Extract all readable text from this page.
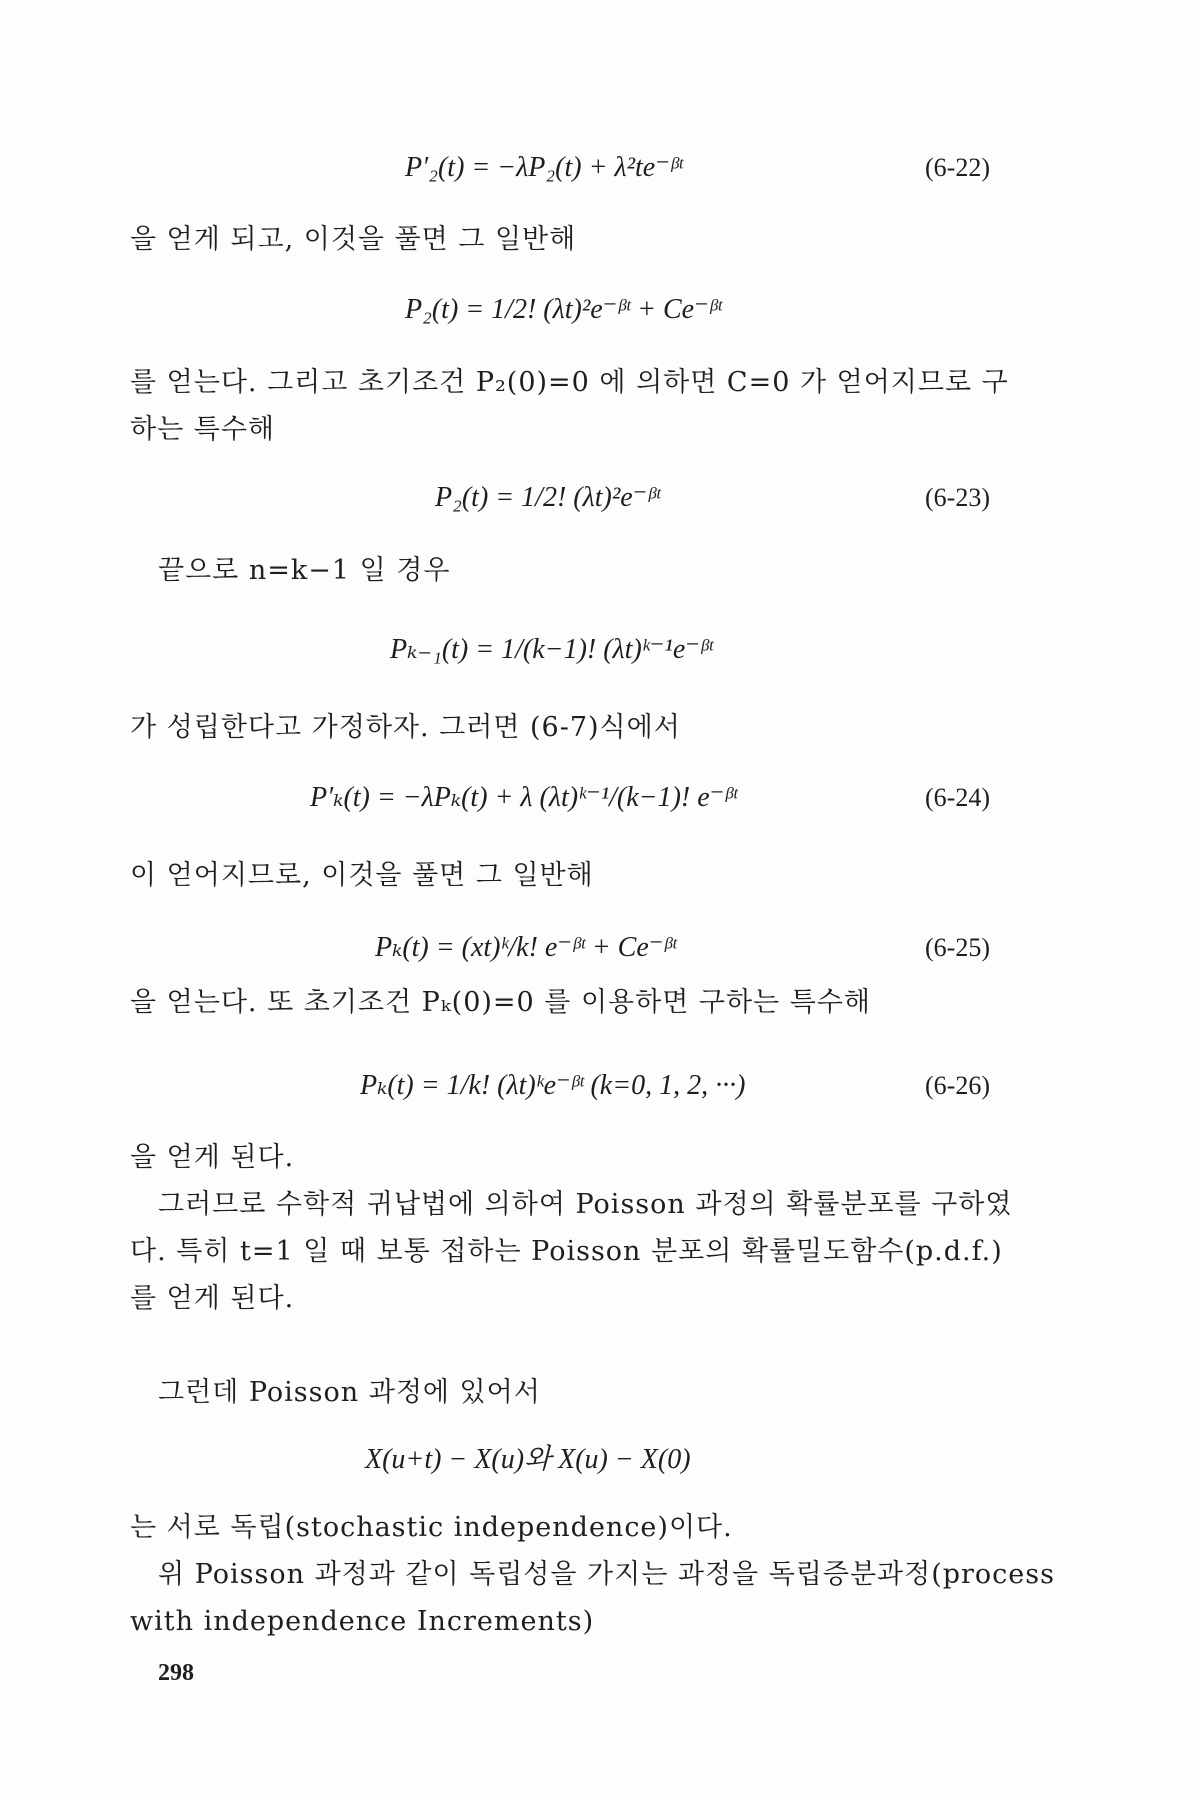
P′₂(t) = −λP₂(t) + λ²te⁻ᵝᵗ	(6-22)
을 얻게 되고, 이것을 풀면 그 일반해
P₂(t) = 1/2! (λt)²e⁻ᵝᵗ + Ce⁻ᵝᵗ
를 얻는다. 그리고 초기조건 P₂(0)=0 에 의하면 C=0 가 얻어지므로 구
하는 특수해
P₂(t) = 1/2! (λt)²e⁻ᵝᵗ	(6-23)
끝으로 n=k−1 일 경우
Pₖ₋₁(t) = 1/(k−1)! (λt)ᵏ⁻¹e⁻ᵝᵗ
가 성립한다고 가정하자. 그러면 (6-7)식에서
P′ₖ(t) = −λPₖ(t) + λ (λt)ᵏ⁻¹/(k−1)! e⁻ᵝᵗ	(6-24)
이 얻어지므로, 이것을 풀면 그 일반해
Pₖ(t) = (xt)ᵏ/k! e⁻ᵝᵗ + Ce⁻ᵝᵗ	(6-25)
을 얻는다. 또 초기조건 Pₖ(0)=0 를 이용하면 구하는 특수해
Pₖ(t) = 1/k! (λt)ᵏe⁻ᵝᵗ (k=0, 1, 2, ···)	(6-26)
을 얻게 된다.
그러므로 수학적 귀납법에 의하여 Poisson 과정의 확률분포를 구하였
다. 특히 t=1 일 때 보통 접하는 Poisson 분포의 확률밀도함수(p.d.f.)
를 얻게 된다.
그런데 Poisson 과정에 있어서
X(u+t) − X(u)와 X(u) − X(0)
는 서로 독립(stochastic independence)이다.
위 Poisson 과정과 같이 독립성을 가지는 과정을 독립증분과정(process
with independence Increments)
298
